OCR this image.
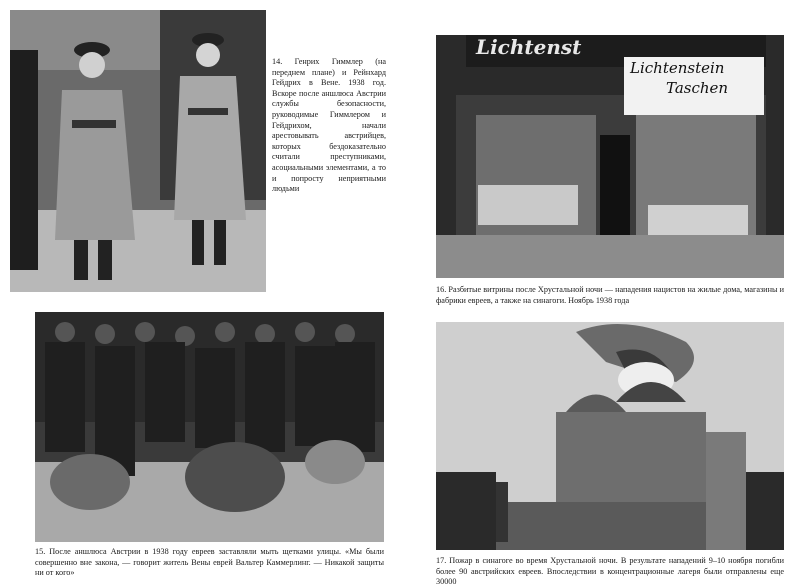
14. Генрих Гиммлер (на переднем плане) и Рейнхард Гейдрих в Вене. 1938 год. Вскоре после аншлюса Австрии службы безопасности, руководимые Гиммлером и Гейдрихом, начали арестовывать австрийцев, которых бездоказательно считали преступниками, асоциальными элементами, а то и попросту неприятными людьми

Lichtenst
Lichtenstein
Taschen

16. Разбитые витрины после Хрустальной ночи — нападения нацистов на жилые дома, магазины и фабрики евреев, а также на синагоги. Ноябрь 1938 года

15. После аншлюса Австрии в 1938 году евреев заставляли мыть щетками улицы. «Мы были совершенно вне закона, — говорит житель Вены еврей Вальтер Каммерлинг. — Никакой защиты ни от кого»

17. Пожар в синагоге во время Хрустальной ночи. В результате нападений 9–10 ноября погибли более 90 австрийских евреев. Впоследствии в концентрационные лагеря были отправлены еще 30000
